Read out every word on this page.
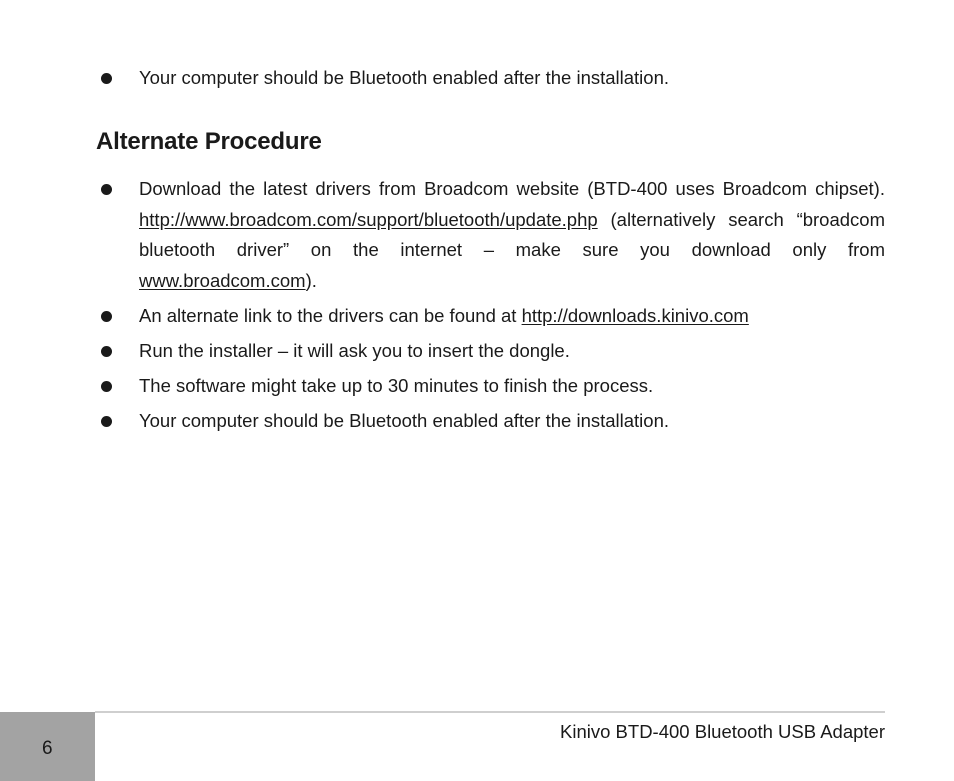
Your computer should be Bluetooth enabled after the installation.
Alternate Procedure
Download the latest drivers from Broadcom website (BTD-400 uses Broadcom chipset). http://www.broadcom.com/support/bluetooth/update.php (alternatively search “broadcom bluetooth driver” on the internet – make sure you download only from www.broadcom.com).
An alternate link to the drivers can be found at http://downloads.kinivo.com
Run the installer – it will ask you to insert the dongle.
The software might take up to 30 minutes to finish the process.
Your computer should be Bluetooth enabled after the installation.
6
Kinivo BTD-400 Bluetooth USB Adapter
